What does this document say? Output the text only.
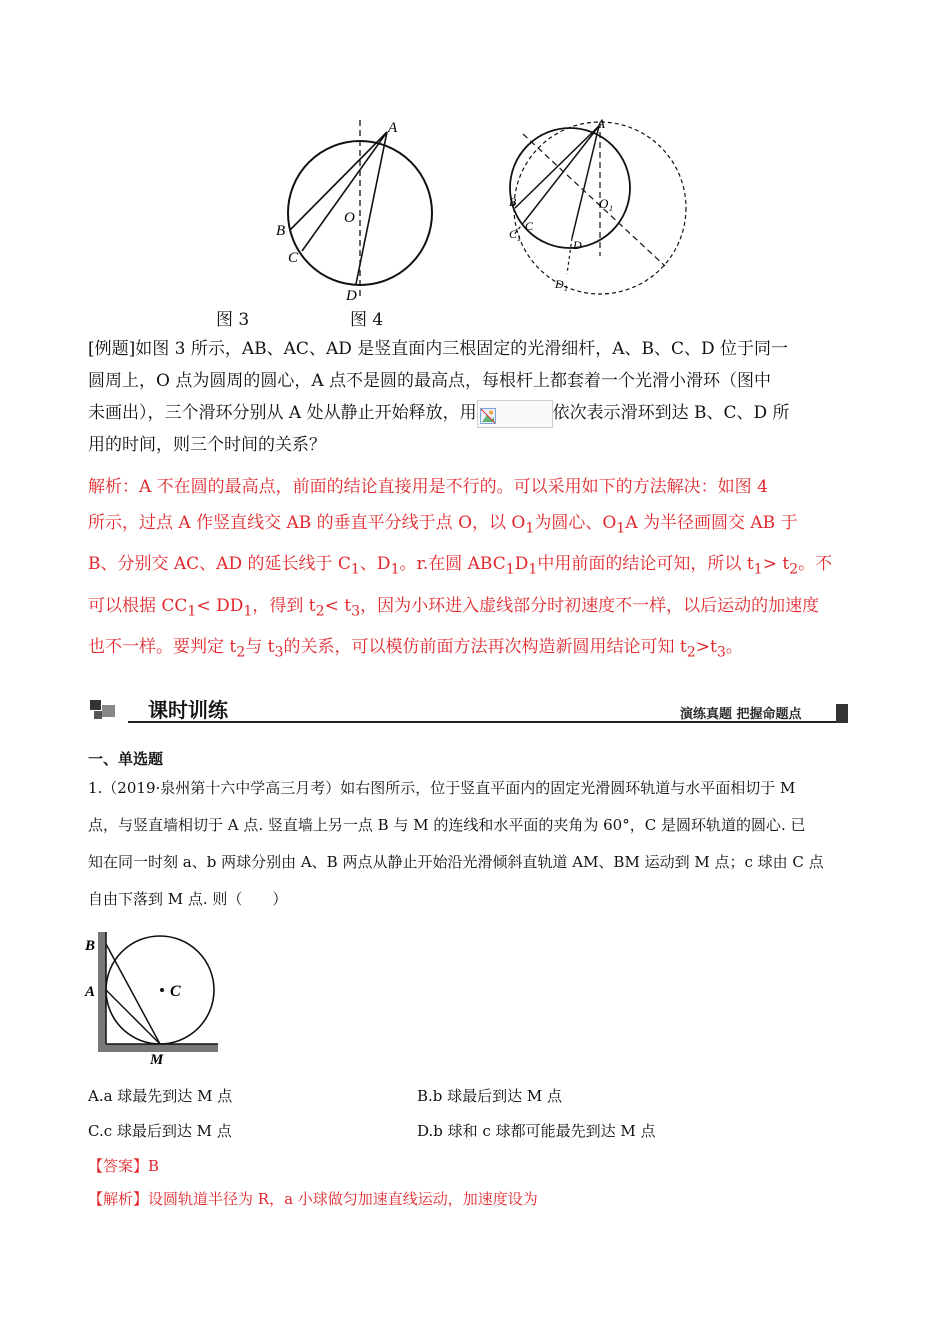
A
B
C
O
D
A
B
C
C 1
O 1
D
D 1
图 3	图 4
[例题]如图 3 所示，AB、AC、AD 是竖直面内三根固定的光滑细杆，A、B、C、D 位于同一
圆周上，O 点为圆周的圆心，A 点不是圆的最高点，每根杆上都套着一个光滑小滑环（图中
未画出），三个滑环分别从 A 处从静止开始释放，用	依次表示滑环到达 B、C、D 所
用的时间，则三个时间的关系？
解析：A 不在圆的最高点，前面的结论直接用是不行的。可以采用如下的方法解决：如图 4
所示，过点 A 作竖直线交 AB 的垂直平分线于点 O，以 $O_1$为圆心、$O_1A$ 为半径画圆交 AB 于
B、分别交 AC、AD 的延长线于 $C_1$、$D_1$。r.在圆 $ABC_1D_1$中用前面的结论可知，所以 $t_1> t_2$。不
可以根据 $CC_1< DD_1$，得到 $t_2< t_3$，因为小环进入虚线部分时初速度不一样，以后运动的加速度
也不一样。要判定 $t_2$与 $t_3$的关系，可以模仿前面方法再次构造新圆用结论可知 $t_2>t_3$。
课时训练	演练真题 把握命题点
一、单选题
1.（2019·泉州第十六中学高三月考）如右图所示，位于竖直平面内的固定光滑圆环轨道与水平面相切于 M
点，与竖直墙相切于 A 点. 竖直墙上另一点 B 与 M 的连线和水平面的夹角为 60°，C 是圆环轨道的圆心. 已
知在同一时刻 a、b 两球分别由 A、B 两点从静止开始沿光滑倾斜直轨道 AM、BM 运动到 M 点；c 球由 C 点
自由下落到 M 点. 则（　　）
B
A	C
M
A.a 球最先到达 M 点	B.b 球最后到达 M 点
C.c 球最后到达 M 点	D.b 球和 c 球都可能最先到达 M 点
【答案】B
【解析】设圆轨道半径为 R，a 小球做匀加速直线运动，加速度设为
